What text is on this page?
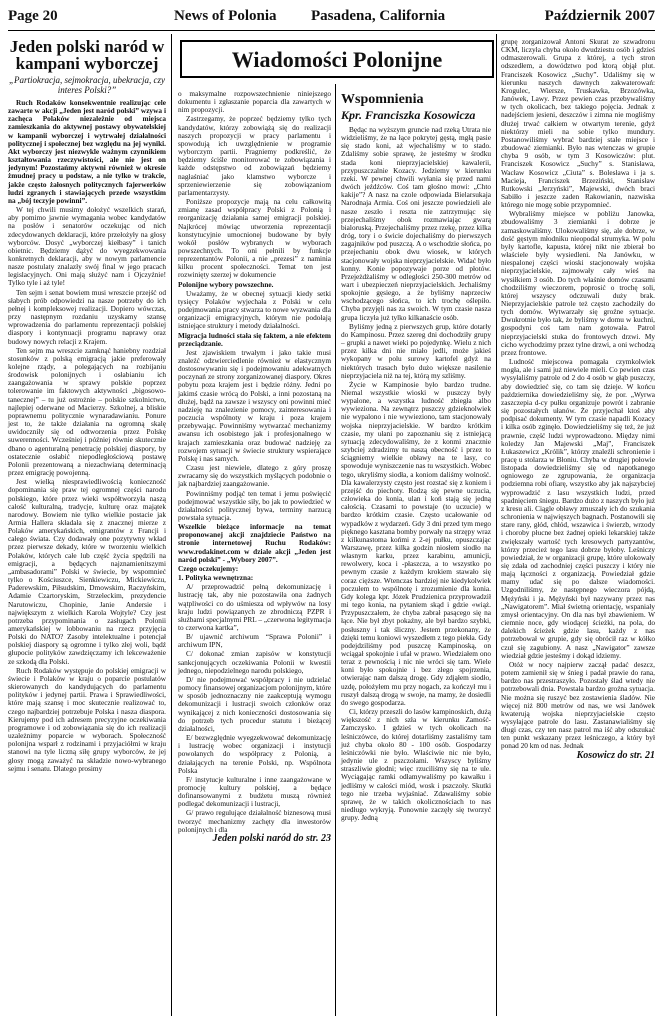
Page 20	News of Polonia Pasadena, California	Październik 2007
Jeden polski naród w kampani wyborczej
„Partiokracja, sejmokracja, ubekracja, czy interes Polski?”

Ruch Rodaków konsekwentnie realizując cele zawarte w akcji „Jeden jest naród polski” wzywa i zachęca Polaków niezależnie od miejsca zamieszkania do aktywnej postawy obywatelskiej w kampanii wyborczej i wytrwałej działalności politycznej i społecznej bez względu na jej wyniki. Akt wyborczy jest niezwykle ważnym czynnikiem kształtowania rzeczywistości, ale nie jest on jedynym! Pozostańmy aktywni również w okresie żmudnej pracy u podstaw, a nie tylko w trakcie, jakże często żałosnych politycznych fajerwerków ludzi zgranych i stawiających przede wszystkim na „bój teczyje powinni”.

W tej chwili musimy dołożyć wszelkich starań, aby pomimo jawnie wymagania wobec kandydatów na posłów i senatorów oczekując od nich zdecydowanych deklaracji, które przełożyły na głosy wyborców. Dosyć „wyborczej kiełbasy” i tanich obietnic. Będziemy dążyć do wyegzekwowania konkretnych deklaracji, aby w nowym parlamencie nasze postulaty znalazły swój final w jego pracach legislacyjnych. Oni mają służyć nam i Ojczyźnie! Tylko tyle i aż tyle!

Ten sejm i senat bowiem musi wreszcie przejść od słabych prób odpowiedzi na nasze potrzeby do ich pełnej i kompleksowej realizacji. Dopiero wówczas, przy następnym rozdaniu uzyskamy szansę wprowadzenia do parlamentu reprezentacji polskiej diaspory i kontynuacji programu naprawy oraz budowy nowych relacji z Krajem.

Ten sejm ma wreszcie zamknąć haniebny rozdział stosunków z polską emigracją jakie preferowały kolejne rządy, a polegających na rozbijaniu środowisk polonijnych i osłabianiu ich zaangażowania w sprawy polskie poprzez tolerowanie im faktowych aktywności „bigosowo-tanecznej” – tu już ostrożnie – polskie szkolnictwo, najlepiej oderwane od Macierzy. Szkolnej, a bliskie poprawnemu politycznie wynaradawianiu. Ponure jest to, że także działania na ogromną skalę uwidoczniły się od odtworzenia przez Polskę suwerenności. Wcześniej i później równie skutecznie dbano o agenturalną penetrację polskiej diaspory, by ostatecznie osłabić niepodległościową postawę Polonii prezentowaną a niezachwianą determinacją przez emigrację powojenną.

Jest wielką niesprawiedliwością konieczność dopominania się praw tej ogromnej części narodu polskiego, które przez wieki współtworzyła naszą całość kulturalną, tradycje, kulturę oraz majątek narodowy. Bowiem nie tylko wielkie postacie jak Armia Hallera składała się z znacznej mierze z Polaków amerykańskich, emigrantów z Francji i całego świata. Czy dodawały one pozytywny wkład przez pierwsze dekady, które w tworzeniu wielkich Polaków, których całe lub część życia spędzili na emigracji, a będących najznamienitszymi „ambasadorami” Polski w świecie, by wspomnieć tylko o Kościuszce, Sienkiewiczu, Mickiewiczu, Paderewskim, Piłsudskim, Dmowskim, Raczyńskim, Adamie Czartoryskim, Strzeleckim, prezydencie Narutowiczu, Chopinie, Janie Andersie i największym z wielkich Karola Wojtyle? Czy jest potrzeba przypominania o zasługach Polonii amerykańskiej w lobbowaniu na rzecz przyjęcia Polski do NATO? Zasoby intelektualne i potencjał polskiej diaspory są ogromne i tylko złej woli, bądź głupocie polityków zawdzięczamy ich lekceważenie ze szkodą dla Polski.

Ruch Rodaków występuje do polskiej emigracji w świecie i Polaków w kraju o poparcie postulatów skierowanych do kandydujących do parlamentu polityków i jedynej partii. Prawa i Sprawiedliwości, które mają szansę i moc skutecznie realizować to, czego najbardziej potrzebuje Polska i nasza diaspora. Kierujemy pod ich adresem precyzyjne oczekiwania programowe i od zobowiązania się do ich realizacji uzależnimy poparcie w wyborach. Społeczność polonijna wsparł z rodzinami i przyjaciółmi w kraju stanowi na tyle liczną siłę grupy wyborców, że jej głosy mogą zaważyć na składzie nowo-wybranego sejmu i senatu. Dlatego prosimy

Wiadomości Polonijne

o maksymalne rozpowszechnienie niniejszego dokumentu i zgłaszanie poparcia dla zawartych w nim propozycji.

Zastrzegamy, że poprzeć będziemy tylko tych kandydatów, którzy zobowiążą się do realizacji naszych propozycji w pracy parlamentu i spowodują ich uwzględnienie w programie wyborczym partii. Pragniemy podkreślić, że będziemy ściśle monitorować te zobowiązania i każde odstępstwo od zobowiązań będziemy nagłaśniać jako klamstwo wyborcze i sprzeniewierzenie się zobowiązaniom parlamentarzysty.

Poniższe propozycje mają na celu całkowitą zmianę zasad współpracy Polski z Polonią i reorganizację działania samej emigracji polskiej. Najkrócej mówiąc utworzenia reprezentacji konstytucyjnie umocnionej budowane by były wokół posłów wybranych w wyborach powszechnych. To oni pełnili by funkcje reprezentantów Polonii, a nie „prezesi” z naminia kilku procent społeczności. Temat ten jest rozwinięty szerzej w dokumencie

Polonijne wybory powszechne.

Uważamy, że w obecnej sytuacji kiedy setki tysięcy Polaków wyjechała z Polski w celu podejmowania pracy stwarza to nowe wyzwania dla organizacji emigracyjnych, którym nie podołają istniejące struktury i metody działalności.

Migracja ludności stała się faktem, a nie efektem przeciądzanie.

Jest zjawiskiem trwałym i jako takie musi znaleźć odzwierciedlenie również w elastycznym dostosowywaniu się i podejmowaniu adekwatnych poczynań ze strony zorganizowanej diaspory. Okres pobytu poza krajem jest i będzie różny. Jedni po jakimś czasie wrócą do Polski, a inni pozostaną na dłużej, bądź na zawsze i wszyscy oni powinni mieć nadzieję na znalezienie pomocy, zainteresowania i poczucia wspólnoty w kraju i poza krajem przebywając. Powinniśmy wytwarzać mechanizmy awansu ich osobistego jak i profesjonalnego w krajach zamieszkania oraz budować nadzieję za rozwojem sytuacji w świecie struktury wspierające Polskę i nas samych.

Czasu jest niewiele, dlatego z góry proszę zwracamy się do wszystkich myślących podobnie o jak najbardziej zaangażowanie.

Powinniśmy podjąć ten temat i jemu poświęcić podejmować wszystkie siły, bo jak to powiedzieć w działalności politycznej bywa, terminy narzucą powstała sytuacja.

Wszelkie bieżące informacje na temat proponowanej akcji znajdziecie Państwo na stronie internetowej Ruchu Rodaków: www.rodakinet.com w dziale akcji „Jeden jest naród polski” - „Wybory 2007”.

Czego oczekujemy:

1. Polityka wewnętrzna:

A/ przeprowadzić pełną dekomunizację i lustrację tak, aby nie pozostawiła ona żadnych wątpliwości co do uśmiesza od wpływów na losy kraju ludzi powiązanych ze zbrodniczą PZPR i służbami specjalnymi PRL – „czerwona legitymacja to czerwona kartka”,

B/ ujawnić archiwum “Sprawa Polonii” i archiwum IPN,

C/ dokonać zmian zapisów w konstytucji sankcjonujących oczekiwania Polonii w kwestii jednego, niepodzielnego narodu polskiego,

D/ nie podejmować współpracy i nie udzielać pomocy finansowej organizacjom polonijnym, które w sposób jednoznaczny nie zaakceptują wymogu dekomunizacji i lustracji swoich członków oraz wynikającej z nich konieczności dostosowania się do potrzeb tych procedur statutu i bieżącej działalności,

E/ bezwzględnie wyegzekwować dekomunizację i lustrację wobec organizacji i instytucji powołanych do współpracy z Polonią, a działających na terenie Polski, np. Wspólnota Polska

F/ instytucje kulturalne i inne zaangażowane w promocję kultury polskiej, a będące dofinansowanymi z budżetu muszą również podlegać dekomunizacji i lustracji,

G/ prawo regulujące działalność biznesową musi tworzyć mechanizmy zachęty dla inwestorów polonijnych i dla

Jeden polski naród do str. 23

Wspomnienia
Kpr. Franciszka Kosowicza

Będąc na wyższym gruncie nad rzeką Utrata nie widzieliśmy, że na łące pokrytej gęstą, mgłą pasie się stado koni, aż wjechaliśmy w to stado. Zdaliśmy sobie sprawę, że jesteśmy w środku stada koni nieprzyjacielskiej kawalerii, przypuszczalnie Kozacy. Jedziemy w kierunku rzeki. W pewnej chwili wyłania się przed nami dwóch jeźdźców. Coś tam głośno mowi: „Chto kakije”? A nasz na czole odpowiada Bielarsukaja Narodnaja Armia. Coś oni jeszcze powiedzieli ale nasze zeszło i reszta nie zatrzymując się przejechaliśmy obok rozmawiając gwarą bialoruską. Przejechaliśmy przez rzekę, przez kilka dróg, tory i o świcie dojechaliśmy do pierwszych zagajników pod puszczą. A o wschodzie słońca, po przejechaniu obok dwu wiosek, w których stacjonowały wojska nieprzyjacielskie. Widać było konny. Konie popozywaje porze od płotów. Przejeżdżaliśmy w odległości 250-300 metrów od wart i ubezpieczeń nieprzyjacielskich. Jechaliśmy spokojnie gęsiego, a że byliśmy naprzeciw wschodzącego słońca, to ich trochę oślepiło. Chyba przyjęli nas za swoich. W tym czasie nasza grupa liczyła już tylko kilkanaście osób.

Byliśmy jedną z pierwszych grup, które dotarły do Kampinosu. Przez szereg dni dochodziły grupy – grupki a nawet wieki po pojedynkę. Wielu z nich przez kilka dni nie miało jedli, może jakieś wykopany w polu surowy kartofel gdyż na niektórych trasach było dużo większe nasilenie nieprzyjaciela niż na tej, którą my szliśmy.

Życie w Kampinosie było bardzo trudne. Niemal wszystkie wioski w puszczy były wypalone, a wszystka ludność zbiegła albo wywieziona. Na zewnątrz puszczy gdzieknolwiek nie wypalono i nie wywieziono, tam stacjonowały wojska nieprzyjacielskie. W bardzo krótkim czasie, my ułani po zapoznaniu się z istniejącą sytuacją zdecydowaliśmy, że z konmi znacznie szybciej zdradzimy tu naszą obecność i przez to ściągniemy wielkie obławy na te lasy, co spowoduje wyniszczenie nas tu wszystkich. Wobec tego, ukryliśmy siodła, a koniom daliśmy wolność. Dla kawalerzysty często jest rozstać się z koniem i przejść do piechoty. Rodzą się pewne uczucia, człowieka do konia, ulan i koń stają się jedną całością. Czasami to powstaje (to uczucie) w bardzo krótkim czasie. Często ucałowanie od wypadków z wydarzeń. Gdy 3 dni przed tym mego pięknego kasztana bomby porwały na strzępy wraz z kilkunastoma końmi z 2-ej pułku, opuszczając Warszawę, przez kilka godzin niosłem siodło na własnym karku, przez karabinu, amunicji, rewolwery, koca i -płaszcza, a to wszystko po pewnym czasie z każdym krokiem stawało się coraz cięższe. Wtenczas bardziej nie kiedykolwiek poczułem to wspólnotę i zrozumienie dla konia. Gdy kolega kpr. Józek Prudzienica przyprowadził mi tego konia, na pytaniem skąd i gdzie «wiąż. Przypuszczałem, że chyba zabrał pasącego się na łące. Nie był zbyt pokaźny, ale był bardzo szybki, posłuszny i tak śliczny. Jestem przekonany, że dzięki temu koniowi wyszedłem z tego piekła. Gdy podejdziliśmy pod puszczę Kampinoską, on wciągał spokojnie i ufał w prawo. Wiedziałem ono teraz z pewnością i nic nie wróci się tam. Wiele koni było spokojnie i bez złego spojrzenia, otwierając nam dalszą drogę. Gdy zdjąłem siodło, uzdę, położyłem mu przy nogach, za kończył mu i ruszył dalszą drogą w swoje, na mamy, że dosiedli do swego gospodarza.

Ci, którzy przeszli do lasów kampinoskich, dużą większość z nich szła w kierunku Zamość-Zamczysko. I gdzieś w tych okolicach na leśniczówce, do której dotarliśmy zastaliśmy tam już chyba około 80 - 100 osób. Gospodarzy leśniczówki nie było. Właściwie nic nie było, jedynie ule z pszczołami. Wszyscy byliśmy straszliwie głodni; więc rzuciliśmy się na te ule. Wyciągając ramki odłamywaliśmy po kawałku i jedliśmy w całości miód, wosk i pszczoły. Skutki tego nie trzeba wyjaśniać. Zdawaliśmy sobie sprawę, że w takich okolicznościach to nas niedługo wykryją. Ponownie zaczęły się tworzyć grupy. Jedną

grupę zorganizował Antoni Skurat ze szwadronu CKM, liczyła chyba około dwudziestu osób i gdzieś odmaszerowali. Grupa z której, a tych stron odszedłem, a dowództwo pod ktorą objął plut. Franciszek Kosowicz „Suchy”. Udaliśmy się w kierunku naszych dawnych zakwaterowań: Krogulec, Wiersze, Truskawka, Brzozówka, Janówek, Lawy. Przez pewien czas przebywaliśmy w tych okolicach, bez takiego pojęcia. Jednak z nadejściem jesieni, deszczów i zimna nie mogliśmy dłużej trwać całkiem w otwartym terenie, gdyż niektórzy mieli na sobie tylko mundury. Postanowiliśmy wybrać bardziej stałe miejsce i zbudować ziemianki. Było nas wtenczas w grupie chyba 9 osób, w tym 3 Kosowiczów: plut. Franciszek Kosowicz „Suchy” s. Stanisława, Wacław Kosowicz „Ciuta” s. Bolesława i ja s. Macieja, Franciszek Brzeziński, Stanisław Rutkowski „Jerzyński”, Majewski, dwóch braci Sabiłło i jeszcze zaden Rakowianin, nazwiska którego nie mogę sobie przypomnieć.

Wybraliśmy miejsce w pobliżu Janowka, zbudowaliśmy 3 ziemianki i dobrze je zamaskowaliśmy. Ulokowaliśmy się, ale dobrze, w dość gęstym młodniku nieopodal strumyka. W polu były kartofle, kapusta, której nikt nie zbierał bo właściele były wysiedleni. Na Janówku, w niespalonej części wioski stacjonowały wojska nieprzyjacielskie, zajmowały cały wieś na wysiłkiem 3 osób. Do tych właśnie domów czasami chodziliśmy wieczorem, poprosić o trochę soli, której wszyscy odczuwali duży brak. Nieprzyjacielskie patrole też często zachodziły do tych domów. Wytwarzały się groźne sytuacje. Dwukrotnie było tak, że byliśmy w domu w kuchni, gospodyni coś tam nam gotowała. Patrol nieprzyjacielski stuka do frontowych drzwi. My cicho wychodzimy przez tylne drzwi, a oni wchodzą przez frontowe.

Ludność miejscowa pomagała czymkolwiek mogła, ale i sami już niewiele mieli. Co pewien czas wysyłaliśmy patrole od 2 do 4 osób w głąb puszczy, aby dowiedzieć się, co tam się dzieje. W końcu października dowiedzieliśmy się, że por. „Wyrwa zaszczepia d-cy pułku organizuje powrót i zabranie się pozostałych ułanów. Że przyjechał ktoś aby podpisać dokumenty. W tym czasie napadli Kozacy i kilka osób zginęło. Dowiedzieliśmy się też, że już prawnie, część ludzi wyprowadzono. Między nimi koledzy Jan Majewski „Maj”, Franciszek Łukaszewicz „Królik”, którzy znaleźli schronienie i pracę u stolarza w Błoniu. Chyba w drugiej połowie listopada dowiedzieliśmy się od napotkanego ogniowego ze zgrupowania, że organizacja podziemna robi ofiarę, wszystko aby jak najszybciej wyprowadzić z lasu wszystkich ludzi, przed spadnięciem śniegu. Bardzo dużo z naszych było już z kresu ali. Ciągle obławy zmuszały ich do szukania schronienia w najwięszych bagnach. Postanowili się stare rany, głód, chłód, wszawica i świerzb, wrzody i choroby płucne bez żadnej opieki lekarskiej także zwiększały wartość tych kresowych partyzantów, którzy przecież tego lasu dobrze byłoby. Leśniczy powiedział, że w organizacji grupę, które ulokowały się zdała od zachodniej części puszczy i który nie mają łączności z organizacją. Powiedział gdzie mamy udać się po dalsze wiadomości. Uzgodniliśmy, że następnego wieczora pójdą, Mężyński i ja. Mężyński był nazywany przez nas „Nawigatorem”. Miał świetną orientację, wspaniały zmysł orientacyjny. On dla nas był zbawieniem. W ciemnie noce, gdy wiodącej ścieżki, na pola, do dalekich ścieżek gdzie lasu, każdy z nas potrzebował w grupie, gdy się obrócił raz w kółko czuł się zagubiony. A nasz „Nawigator” zawsze wiedział gdzie jesteśmy i dokąd idziemy.

Otóż w nocy najpierw zaczął padać deszcz, potem zamienił się w śnieg i padał prawie do rana, bardzo nas przestraszyło. Pozostały ślad wtedy nie potrzebowali dnia. Powstała bardzo groźna sytuacja. Nie można się ruszyć bez zostawienia śladów. Nie więcej niż 800 metrów od nas, we wsi Janówek kwaterują wojska nieprzyjacielskie często wysyłające patrole do lasu. Zastanawialiśmy się długi czas, czy ten nasz patrol ma iść aby odszukać ten punkt wskazany przez leśniczego, a który był ponad 20 km od nas. Jednak

Kosowicz do str. 21
